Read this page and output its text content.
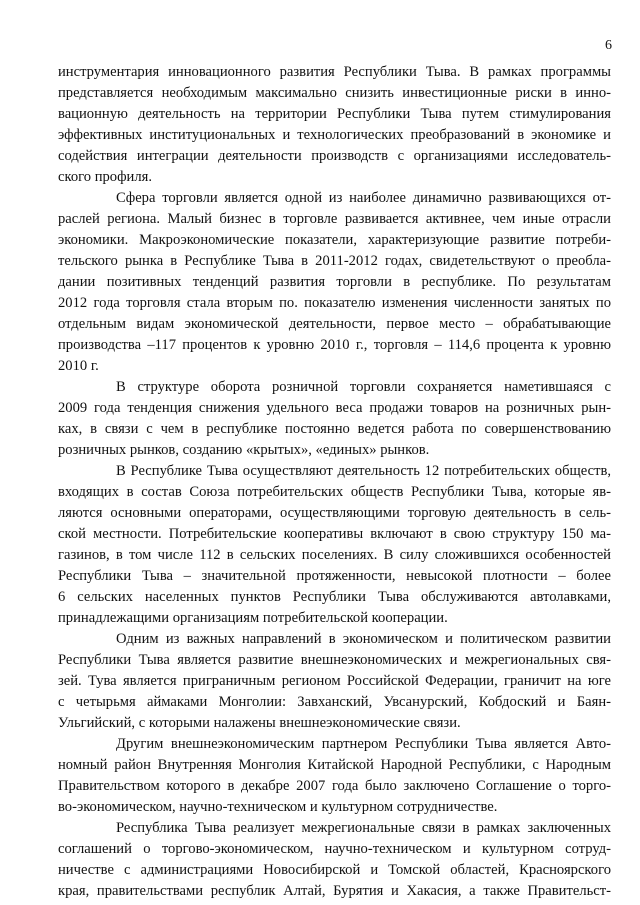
6
инструментария инновационного развития Республики Тыва. В рамках программы
представляется необходимым максимально снизить инвестиционные риски в инно-
вационную деятельность на территории Республики Тыва путем стимулирования
эффективных институциональных и технологических преобразований в экономике и
содействия интеграции деятельности производств с организациями исследователь-
ского профиля.
Сфера торговли является одной из наиболее динамично развивающихся от-
раслей региона. Малый бизнес в торговле развивается активнее, чем иные отрасли
экономики. Макроэкономические показатели, характеризующие развитие потреби-
тельского рынка в Республике Тыва в 2011-2012 годах, свидетельствуют о преобла-
дании позитивных тенденций развития торговли в республике. По результатам
2012 года торговля стала вторым по. показателю изменения численности занятых по
отдельным видам экономической деятельности, первое место – обрабатывающие
производства –117 процентов к уровню 2010 г., торговля – 114,6 процента к уровню
2010 г.
В структуре оборота розничной торговли сохраняется наметившаяся с
2009 года тенденция снижения удельного веса продажи товаров на розничных рын-
ках, в связи с чем в республике постоянно ведется работа по совершенствованию
розничных рынков, созданию «крытых», «единых» рынков.
В Республике Тыва осуществляют деятельность 12 потребительских обществ,
входящих в состав Союза потребительских обществ Республики Тыва, которые яв-
ляются основными операторами, осуществляющими торговую деятельность в сель-
ской местности. Потребительские кооперативы включают в свою структуру 150 ма-
газинов, в том числе 112 в сельских поселениях. В силу сложившихся особенностей
Республики Тыва – значительной протяженности, невысокой плотности – более
6 сельских населенных пунктов Республики Тыва обслуживаются автолавками,
принадлежащими организациям потребительской кооперации.
Одним из важных направлений в экономическом и политическом развитии
Республики Тыва является развитие внешнеэкономических и межрегиональных свя-
зей. Тува является приграничным регионом Российской Федерации, граничит на юге
с четырьмя аймаками Монголии: Завханский, Увсанурский, Кобдоский и Баян-
Ульгийский, с которыми налажены внешнеэкономические связи.
Другим внешнеэкономическим партнером Республики Тыва является Авто-
номный район Внутренняя Монголия Китайской Народной Республики, с Народным
Правительством которого в декабре 2007 года было заключено Соглашение о торго-
во-экономическом, научно-техническом и культурном сотрудничестве.
Республика Тыва реализует межрегиональные связи в рамках заключенных
соглашений о торгово-экономическом, научно-техническом и культурном сотруд-
ничестве с администрациями Новосибирской и Томской областей, Красноярского
края, правительствами республик Алтай, Бурятия и Хакасия, а также Правительст-
